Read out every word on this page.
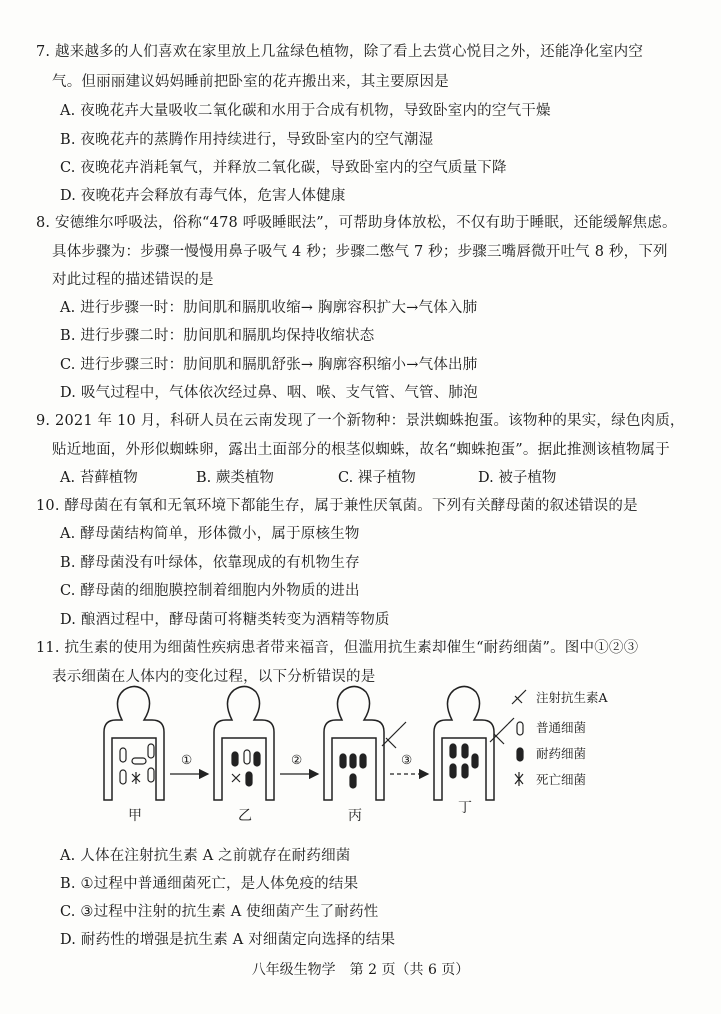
7. 越来越多的人们喜欢在家里放上几盆绿色植物，除了看上去赏心悦目之外，还能净化室内空
气。但丽丽建议妈妈睡前把卧室的花卉搬出来，其主要原因是
A. 夜晚花卉大量吸收二氧化碳和水用于合成有机物，导致卧室内的空气干燥
B. 夜晚花卉的蒸腾作用持续进行，导致卧室内的空气潮湿
C. 夜晚花卉消耗氧气，并释放二氧化碳，导致卧室内的空气质量下降
D. 夜晚花卉会释放有毒气体，危害人体健康
8. 安德维尔呼吸法，俗称“478 呼吸睡眠法”，可帮助身体放松，不仅有助于睡眠，还能缓解焦虑。
具体步骤为：步骤一慢慢用鼻子吸气 4 秒；步骤二憋气 7 秒；步骤三嘴唇微开吐气 8 秒，下列
对此过程的描述错误的是
A. 进行步骤一时：肋间肌和膈肌收缩→ 胸廓容积扩大→气体入肺
B. 进行步骤二时：肋间肌和膈肌均保持收缩状态
C. 进行步骤三时：肋间肌和膈肌舒张→ 胸廓容积缩小→气体出肺
D. 吸气过程中，气体依次经过鼻、咽、喉、支气管、气管、肺泡
9. 2021 年 10 月，科研人员在云南发现了一个新物种：景洪蜘蛛抱蛋。该物种的果实，绿色肉质，
贴近地面，外形似蜘蛛卵，露出土面部分的根茎似蜘蛛，故名“蜘蛛抱蛋”。据此推测该植物属于
A. 苔藓植物	B. 蕨类植物	C. 裸子植物	D. 被子植物
10. 酵母菌在有氧和无氧环境下都能生存，属于兼性厌氧菌。下列有关酵母菌的叙述错误的是
A. 酵母菌结构简单，形体微小，属于原核生物
B. 酵母菌没有叶绿体，依靠现成的有机物生存
C. 酵母菌的细胞膜控制着细胞内外物质的进出
D. 酿酒过程中，酵母菌可将糖类转变为酒精等物质
11. 抗生素的使用为细菌性疾病患者带来福音，但滥用抗生素却催生“耐药细菌”。图中①②③
表示细菌在人体内的变化过程，以下分析错误的是
①	②	③
甲	乙	丙	丁
注射抗生素A
普通细菌
耐药细菌
死亡细菌
A. 人体在注射抗生素 A 之前就存在耐药细菌
B. ①过程中普通细菌死亡，是人体免疫的结果
C. ③过程中注射的抗生素 A 使细菌产生了耐药性
D. 耐药性的增强是抗生素 A 对细菌定向选择的结果
八年级生物学　第 2 页（共 6 页）
